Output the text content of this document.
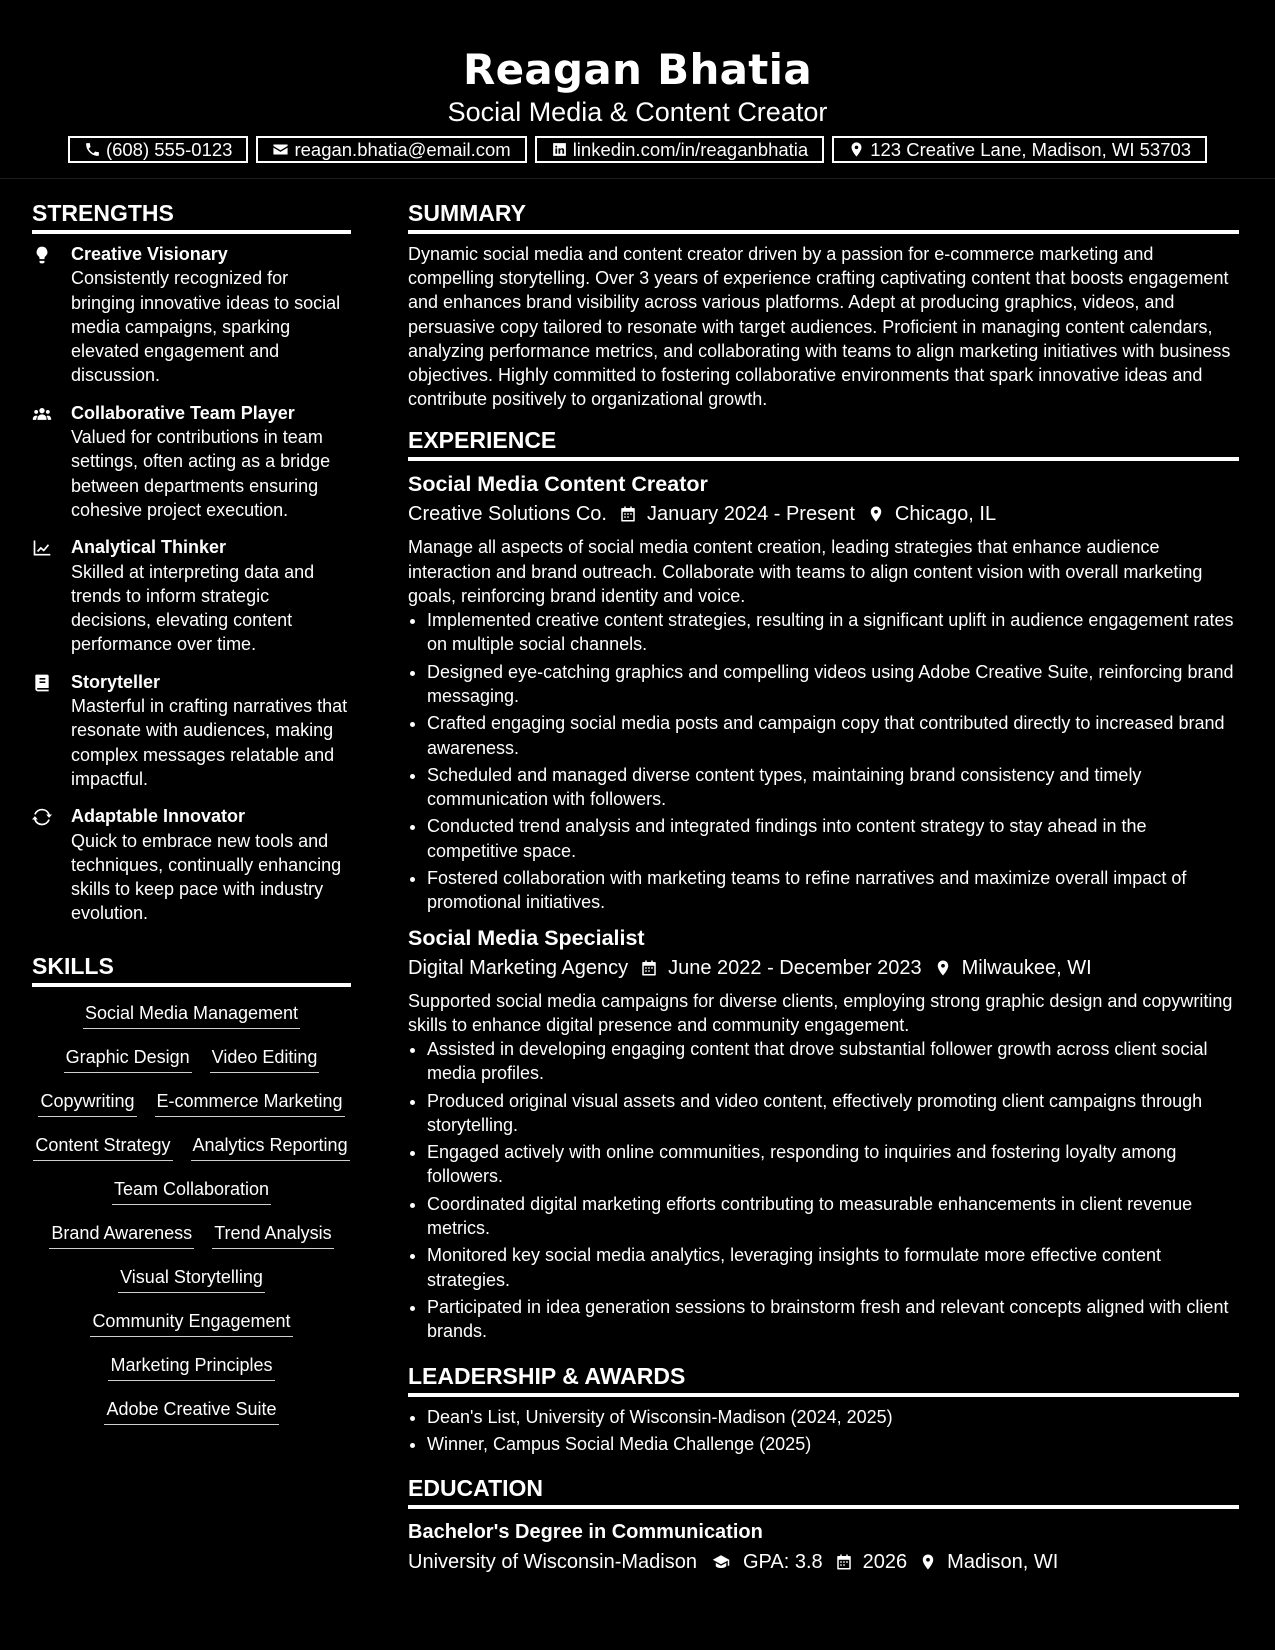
Reagan Bhatia
Social Media & Content Creator
(608) 555-0123	reagan.bhatia@email.com	linkedin.com/in/reaganbhatia	123 Creative Lane, Madison, WI 53703
STRENGTHS
Creative Visionary
Consistently recognized for bringing innovative ideas to social media campaigns, sparking elevated engagement and discussion.
Collaborative Team Player
Valued for contributions in team settings, often acting as a bridge between departments ensuring cohesive project execution.
Analytical Thinker
Skilled at interpreting data and trends to inform strategic decisions, elevating content performance over time.
Storyteller
Masterful in crafting narratives that resonate with audiences, making complex messages relatable and impactful.
Adaptable Innovator
Quick to embrace new tools and techniques, continually enhancing skills to keep pace with industry evolution.
SKILLS
Social Media Management
Graphic Design Video Editing
Copywriting E-commerce Marketing
Content Strategy Analytics Reporting
Team Collaboration
Brand Awareness Trend Analysis
Visual Storytelling
Community Engagement
Marketing Principles
Adobe Creative Suite
SUMMARY
Dynamic social media and content creator driven by a passion for e-commerce marketing and compelling storytelling. Over 3 years of experience crafting captivating content that boosts engagement and enhances brand visibility across various platforms. Adept at producing graphics, videos, and persuasive copy tailored to resonate with target audiences. Proficient in managing content calendars, analyzing performance metrics, and collaborating with teams to align marketing initiatives with business objectives. Highly committed to fostering collaborative environments that spark innovative ideas and contribute positively to organizational growth.
EXPERIENCE
Social Media Content Creator
Creative Solutions Co. January 2024 - Present Chicago, IL
Manage all aspects of social media content creation, leading strategies that enhance audience interaction and brand outreach. Collaborate with teams to align content vision with overall marketing goals, reinforcing brand identity and voice.
• Implemented creative content strategies, resulting in a significant uplift in audience engagement rates on multiple social channels.
• Designed eye-catching graphics and compelling videos using Adobe Creative Suite, reinforcing brand messaging.
• Crafted engaging social media posts and campaign copy that contributed directly to increased brand awareness.
• Scheduled and managed diverse content types, maintaining brand consistency and timely communication with followers.
• Conducted trend analysis and integrated findings into content strategy to stay ahead in the competitive space.
• Fostered collaboration with marketing teams to refine narratives and maximize overall impact of promotional initiatives.
Social Media Specialist
Digital Marketing Agency June 2022 - December 2023 Milwaukee, WI
Supported social media campaigns for diverse clients, employing strong graphic design and copywriting skills to enhance digital presence and community engagement.
• Assisted in developing engaging content that drove substantial follower growth across client social media profiles.
• Produced original visual assets and video content, effectively promoting client campaigns through storytelling.
• Engaged actively with online communities, responding to inquiries and fostering loyalty among followers.
• Coordinated digital marketing efforts contributing to measurable enhancements in client revenue metrics.
• Monitored key social media analytics, leveraging insights to formulate more effective content strategies.
• Participated in idea generation sessions to brainstorm fresh and relevant concepts aligned with client brands.
LEADERSHIP & AWARDS
• Dean's List, University of Wisconsin-Madison (2024, 2025)
• Winner, Campus Social Media Challenge (2025)
EDUCATION
Bachelor's Degree in Communication
University of Wisconsin-Madison GPA: 3.8 2026 Madison, WI
